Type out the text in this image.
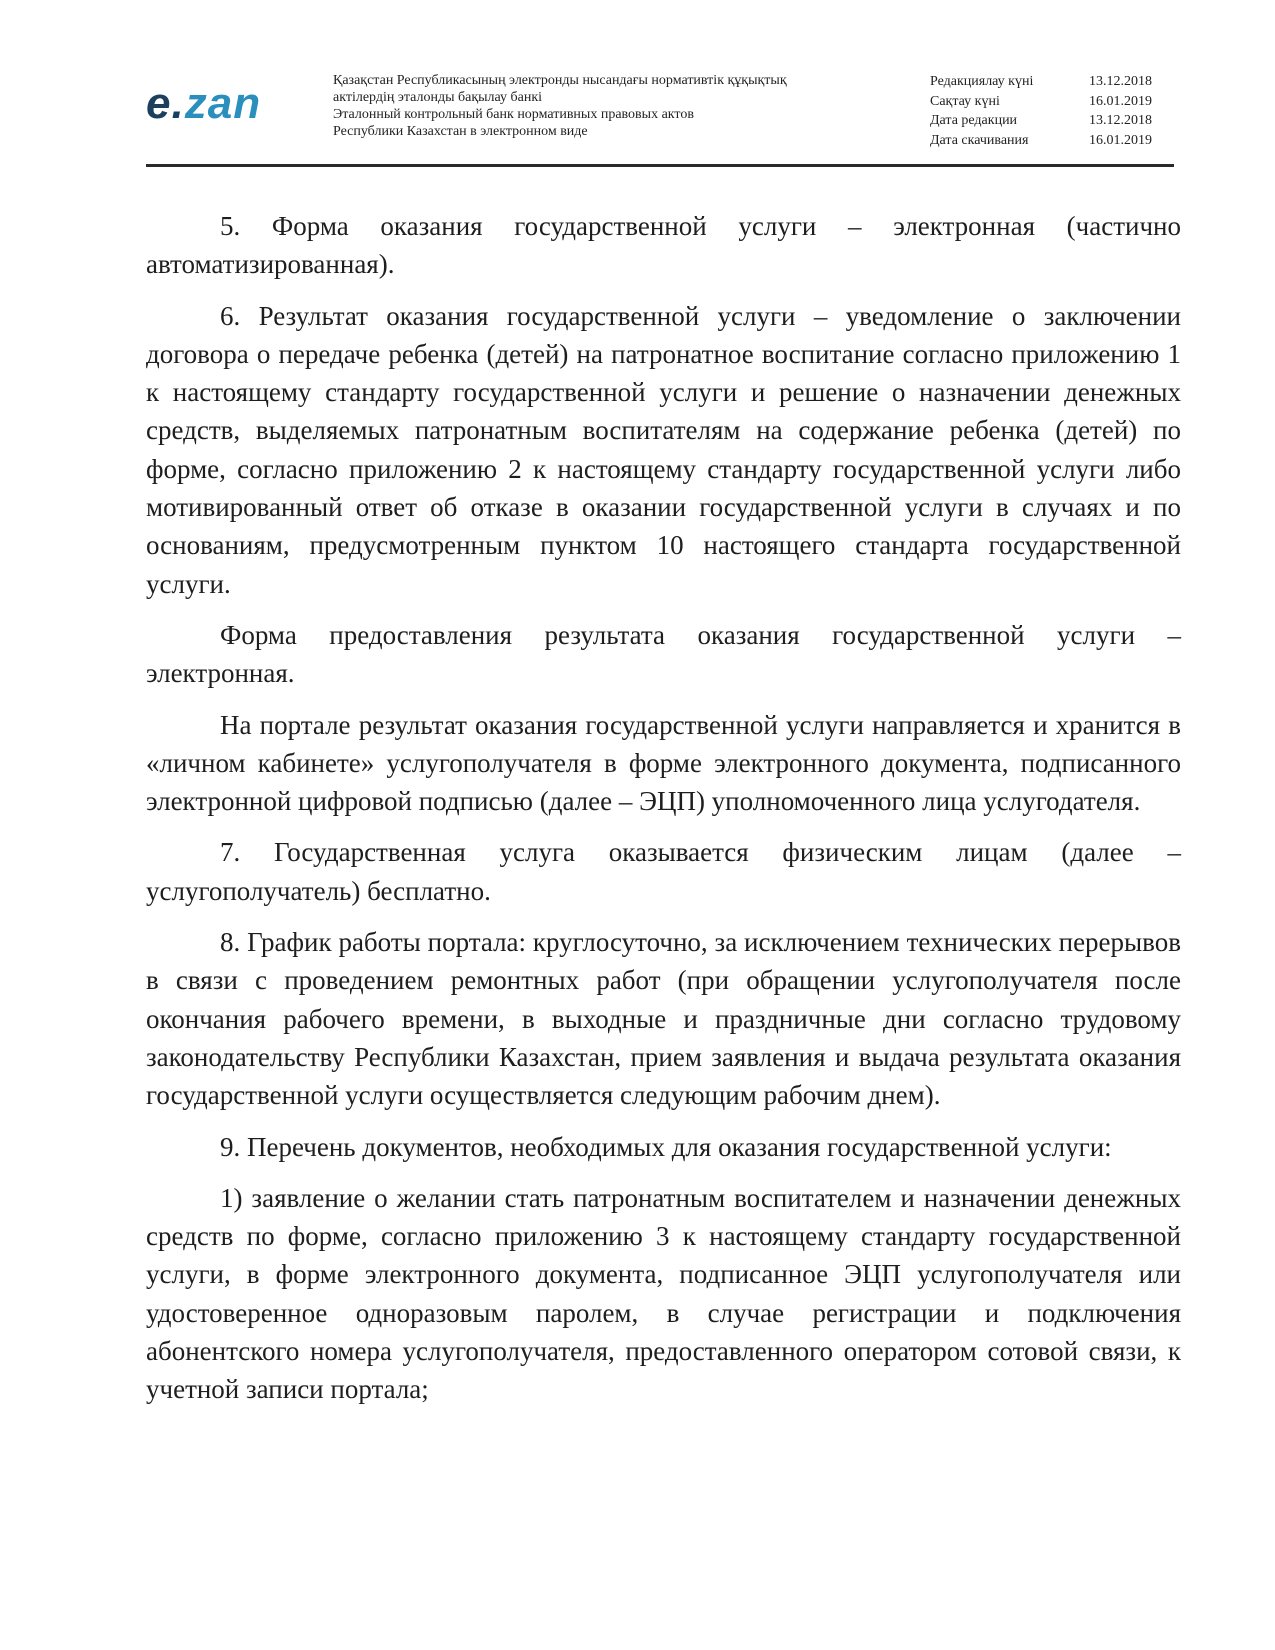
e.zan	Қазақстан Республикасының электронды нысандағы нормативтік құқықтық
актілердің эталонды бақылау банкі
Эталонный контрольный банк нормативных правовых актов
Республики Казахстан в электронном виде
Редакциялау күні
Сақтау күні
Дата редакции
Дата скачивания
13.12.2018
16.01.2019
13.12.2018
16.01.2019

5. Форма оказания государственной услуги – электронная (частично автоматизированная).

6. Результат оказания государственной услуги – уведомление о заключении договора о передаче ребенка (детей) на патронатное воспитание согласно приложению 1 к настоящему стандарту государственной услуги и решение о назначении денежных средств, выделяемых патронатным воспитателям на содержание ребенка (детей) по форме, согласно приложению 2 к настоящему стандарту государственной услуги либо мотивированный ответ об отказе в оказании государственной услуги в случаях и по основаниям, предусмотренным пунктом 10 настоящего стандарта государственной услуги.

Форма предоставления результата оказания государственной услуги – электронная.

На портале результат оказания государственной услуги направляется и хранится в «личном кабинете» услугополучателя в форме электронного документа, подписанного электронной цифровой подписью (далее – ЭЦП) уполномоченного лица услугодателя.

7. Государственная услуга оказывается физическим лицам (далее – услугополучатель) бесплатно.

8. График работы портала: круглосуточно, за исключением технических перерывов в связи с проведением ремонтных работ (при обращении услугополучателя после окончания рабочего времени, в выходные и праздничные дни согласно трудовому законодательству Республики Казахстан, прием заявления и выдача результата оказания государственной услуги осуществляется следующим рабочим днем).

9. Перечень документов, необходимых для оказания государственной услуги:

1) заявление о желании стать патронатным воспитателем и назначении денежных средств по форме, согласно приложению 3 к настоящему стандарту государственной услуги, в форме электронного документа, подписанное ЭЦП услугополучателя или удостоверенное одноразовым паролем, в случае регистрации и подключения абонентского номера услугополучателя, предоставленного оператором сотовой связи, к учетной записи портала;
